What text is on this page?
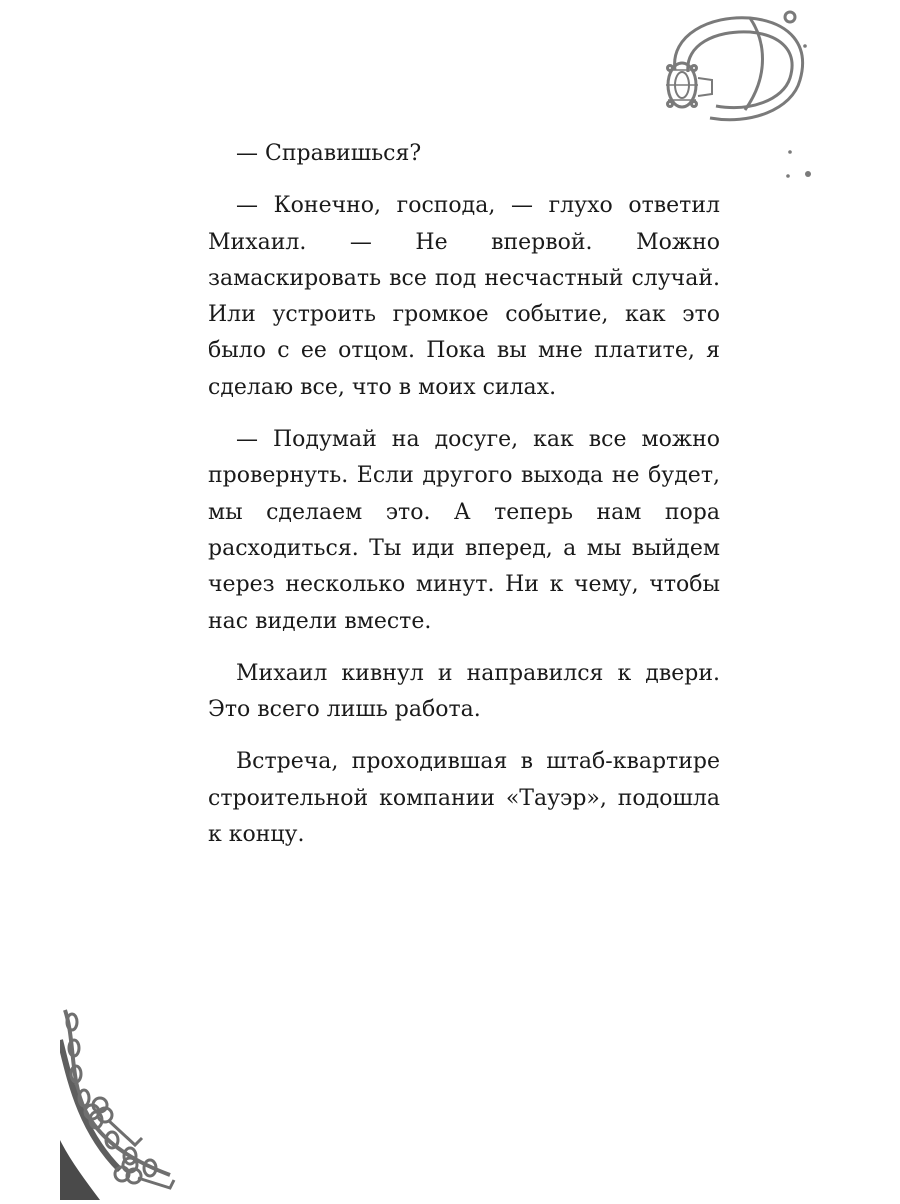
— Справишься?

— Конечно, господа, — глухо ответил Михаил. — Не впервой. Можно замаскировать все под несчастный случай. Или устроить громкое событие, как это было с ее отцом. Пока вы мне платите, я сделаю все, что в моих силах.

— Подумай на досуге, как все можно провернуть. Если другого выхода не будет, мы сделаем это. А теперь нам пора расходиться. Ты иди вперед, а мы выйдем через несколько минут. Ни к чему, чтобы нас видели вместе.

Михаил кивнул и направился к двери. Это всего лишь работа.

Встреча, проходившая в штаб-квартире строительной компании «Тауэр», подошла к концу.
